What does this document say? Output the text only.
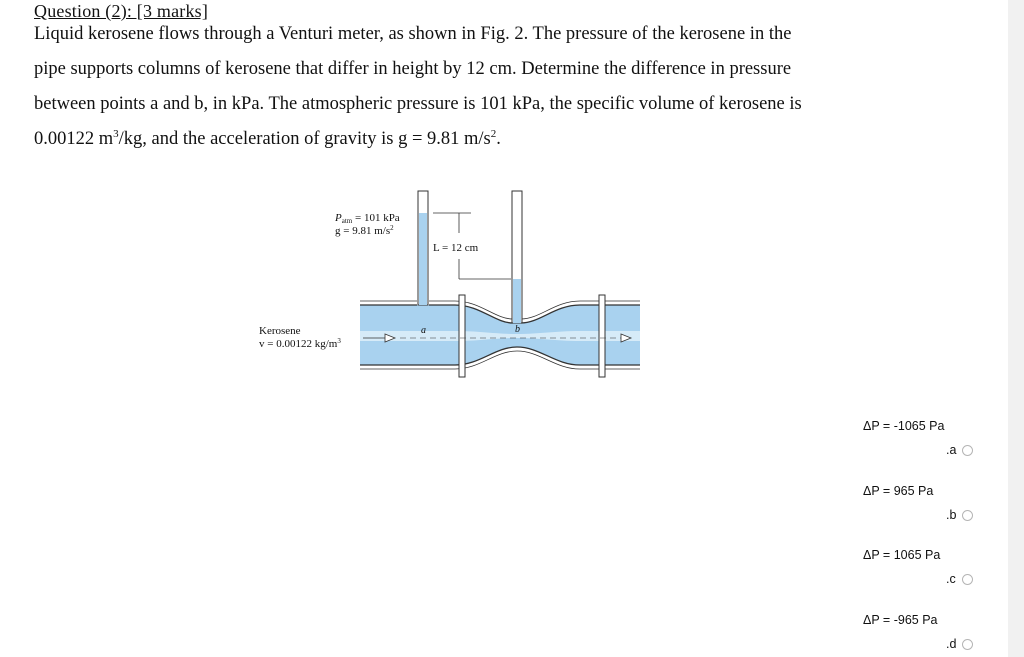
Question (2): [3 marks]
Liquid kerosene flows through a Venturi meter, as shown in Fig. 2. The pressure of the kerosene in the
pipe supports columns of kerosene that differ in height by 12 cm. Determine the difference in pressure
between points a and b, in kPa. The atmospheric pressure is 101 kPa, the specific volume of kerosene is
0.00122 $m^3/kg$, and the acceleration of gravity is g = 9.81 $m/s^2$.
L = 12 cm
Patm = 101 kPa
g = 9.81 $m/s^2$
Kerosene
v = 0.00122 $kg/m^3$
a	b
ΔP = -1065 Pa
.a
ΔP = 965 Pa
.b
ΔP = 1065 Pa
.c
ΔP = -965 Pa
.d
